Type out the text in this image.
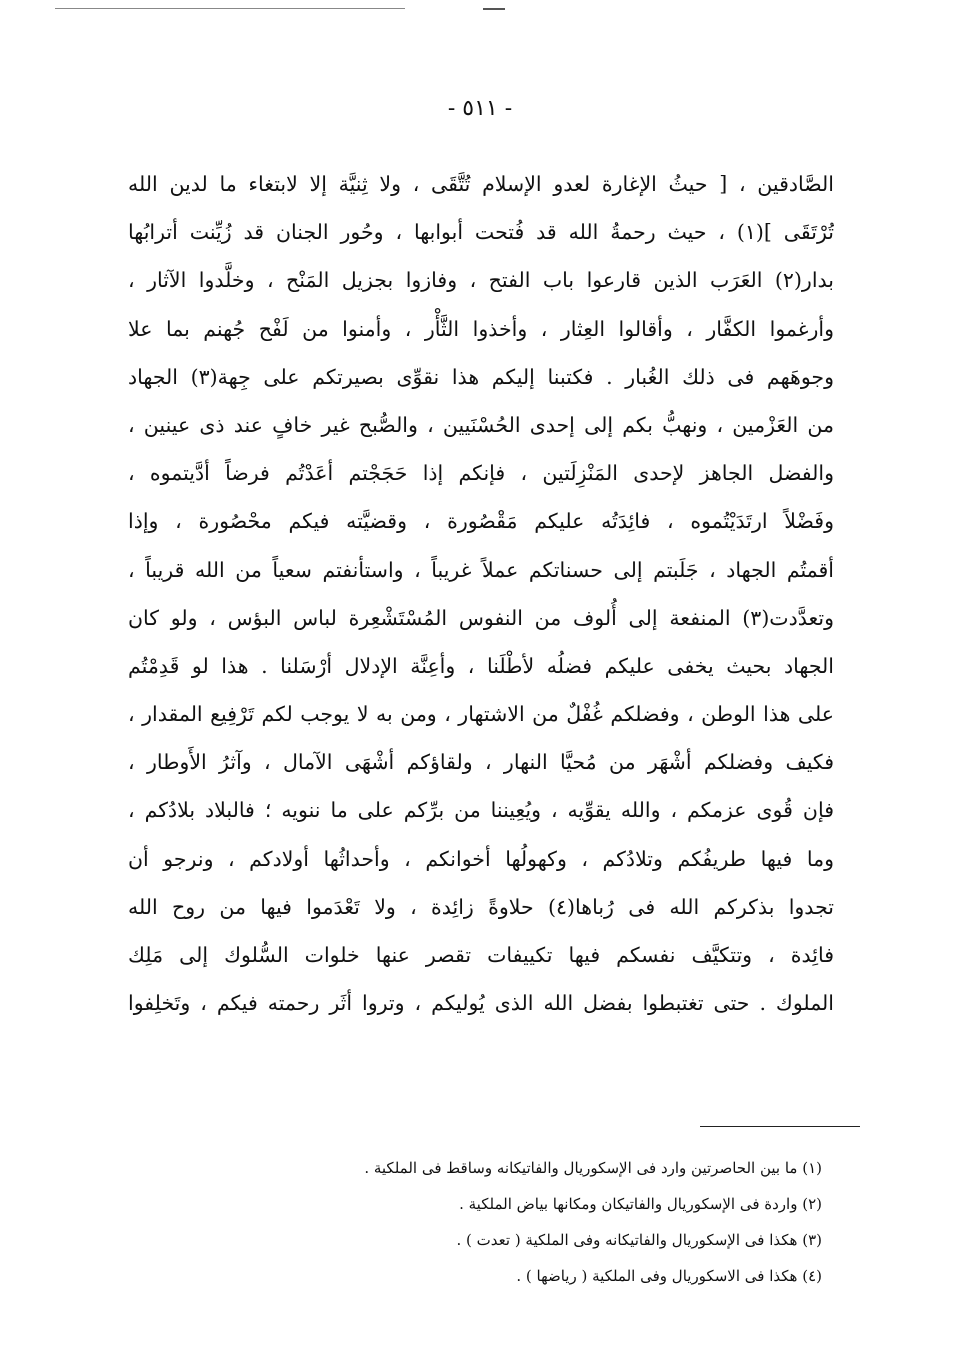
- ٥١١ -
الصَّادقين ، [ حيثُ الإغارة لعدو الإسلام تُتَّقَى ، ولا ثِنيَّة إلا لابتغاء ما لدين الله
تُرْتَقَى ](١) ، حيث رحمةُ الله قد فُتحت أبوابها ، وحُور الجنان قد زُيِّنت أترابُها
بدار(٢) العَرَب الذين قارعوا باب الفتح ، وفازوا بجزيل المَنْح ، وخلَّدوا الآثار ،
وأرغموا الكفَّار ، وأقالوا العِثار ، وأخذوا الثَّأْر ، وأمنوا من لَفْح جُهنم بما علا
وجوهَهم فى ذلك الغُبار . فكتبنا إليكم هذا نقوِّى بصيرتكم على جِهة(٣) الجهاد
من العَزْمين ، ونهبُّ بكم إلى إحدى الحُسْنَيين ، والصُّبح غير خافٍ عند ذى عينين ،
والفضل الجاهز لإحدى المَنْزِلَتين ، فإنكم إذا حَجَجْتم أعَدْتُم فرضاً أدَّيتموه ،
وفَضْلاً ارتَدَيْتُموه ، فائِدَتُه عليكم مَقْصُورة ، وقضيَّته فيكم محْصُورة ، وإذا
أقمتُم الجهاد ، جَلَبتم إلى حسناتكم عملاً غريباً ، واستأنفتم سعياً من الله قريباً ،
وتعدَّدت(٣) المنفعة إلى أُلوف من النفوس المُسْتَشْعِرة لباس البؤس ، ولو كان
الجهاد بحيث يخفى عليكم فضلُه لأطْلَنا ، وأعِنَّة الإدلال أرْسَلنا . هذا لو قَدِمْتُم
على هذا الوطن ، وفضلكم غُفْلٌ من الاشتهار ، ومن به لا يوجب لكم تَرْفِيع المقدار ،
فكيف وفضلكم أشْهَر من مُحيَّا النهار ، ولقاؤكم أشْهَى الآمال ، وآثرُ الأَوطار ،
فإن قُوى عزمكم ، والله يقوِّيه ، ويُعِيننا من برِّكم على ما ننويه ؛ فالبلاد بلادُكم ،
وما فيها طريفُكم وتلادُكم ، وكهولُها أخوانكم ، وأحداثُها أولادكم ، ونرجو أن
تجدوا بذكركم الله فى رُباها(٤) حلاوةً زائِدة ، ولا تَعْدَموا فيها من روح الله
فائِدة ، وتتكيَّف نفسكم فيها تكييفات تقصر عنها خلوات السُّلوك إلى مَلِك
الملوك . حتى تغتبطوا بفضل الله الذى يُوليكم ، وتروا أثَر رحمته فيكم ، وتَخلِفوا
(١) ما بين الحاصرتين وارد فى الإسكوريال والفاتيكانه وساقط فى الملكية .
(٢) واردة فى الإسكوريال والفاتيكان ومكانها بياض الملكية .
(٣) هكذا فى الإسكوريال والفاتيكانه وفى الملكية ( تعدت ) .
(٤) هكذا فى الاسكوريال وفى الملكية ( رياضها ) .
